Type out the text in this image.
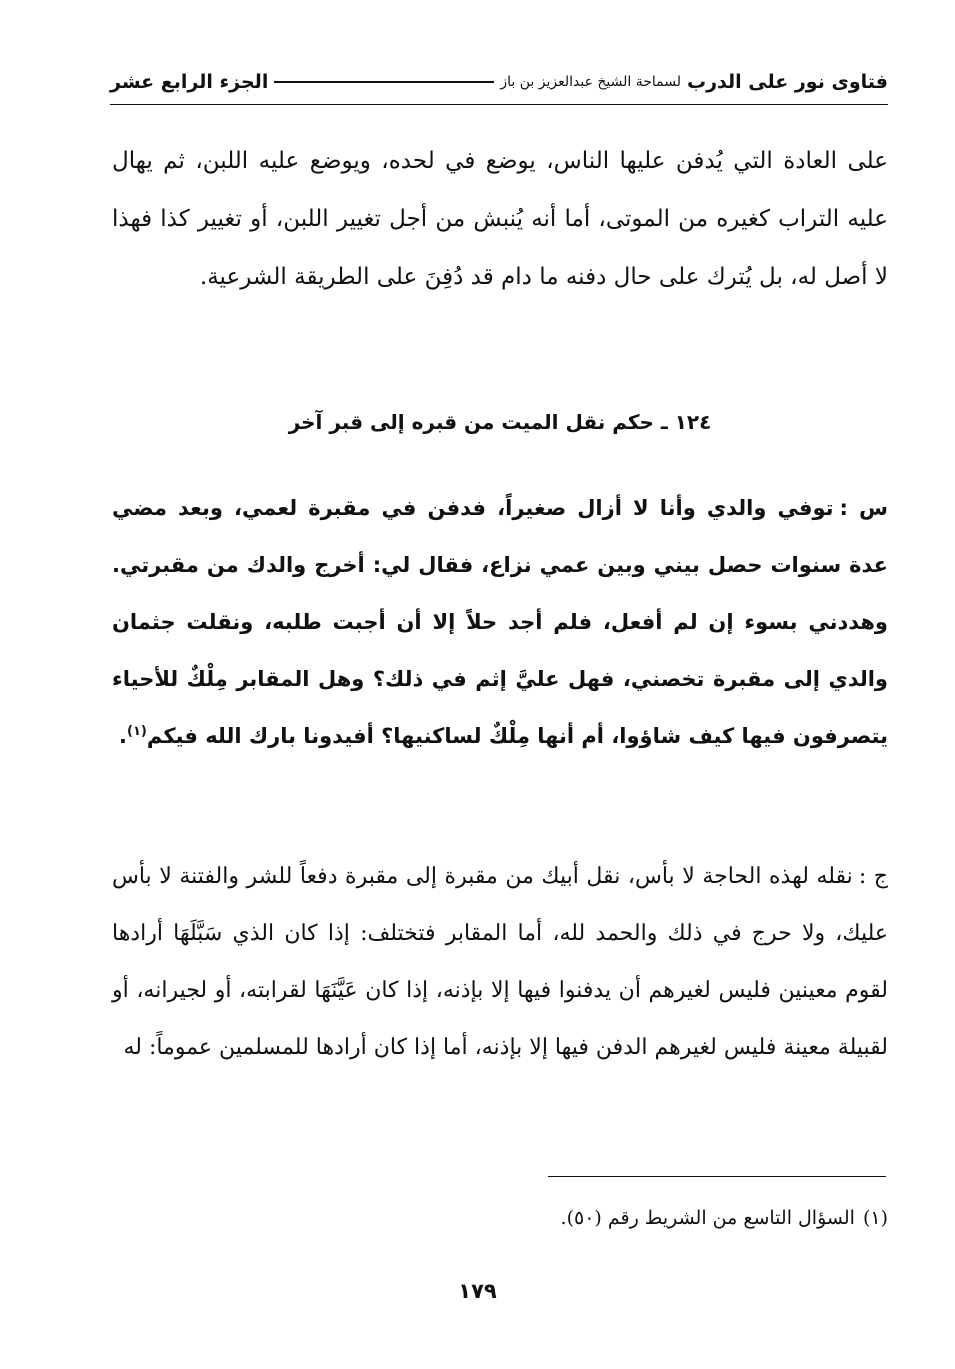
فتاوى نور على الدرب
لسماحة الشيخ عبدالعزيز بن باز
الجزء الرابع عشر

على العادة التي يُدفن عليها الناس، يوضع في لحده، ويوضع عليه اللبن، ثم يهال عليه التراب كغيره من الموتى، أما أنه يُنبش من أجل تغيير اللبن، أو تغيير كذا فهذا لا أصل له، بل يُترك على حال دفنه ما دام قد دُفِنَ على الطريقة الشرعية.

١٢٤ ـ حكم نقل الميت من قبره إلى قبر آخر

س :توفي والدي وأنا لا أزال صغيراً، فدفن في مقبرة لعمي، وبعد مضي عدة سنوات حصل بيني وبين عمي نزاع، فقال لي: أخرج والدك من مقبرتي. وهددني بسوء إن لم أفعل، فلم أجد حلاً إلا أن أجبت طلبه، ونقلت جثمان والدي إلى مقبرة تخصني، فهل عليَّ إثم في ذلك؟ وهل المقابر مِلْكٌ للأحياء يتصرفون فيها كيف شاؤوا، أم أنها مِلْكٌ لساكنيها؟ أفيدونا بارك الله فيكم$^{(١)}$.

ج :نقله لهذه الحاجة لا بأس، نقل أبيك من مقبرة إلى مقبرة دفعاً للشر والفتنة لا بأس عليك، ولا حرج في ذلك والحمد لله، أما المقابر فتختلف: إذا كان الذي سَبَّلَهَا أرادها لقوم معينين فليس لغيرهم أن يدفنوا فيها إلا بإذنه، إذا كان عَيَّنَهَا لقرابته، أو لجيرانه، أو لقبيلة معينة فليس لغيرهم الدفن فيها إلا بإذنه، أما إذا كان أرادها للمسلمين عموماً: له

(١)السؤال التاسع من الشريط رقم (٥٠).
١٧٩
